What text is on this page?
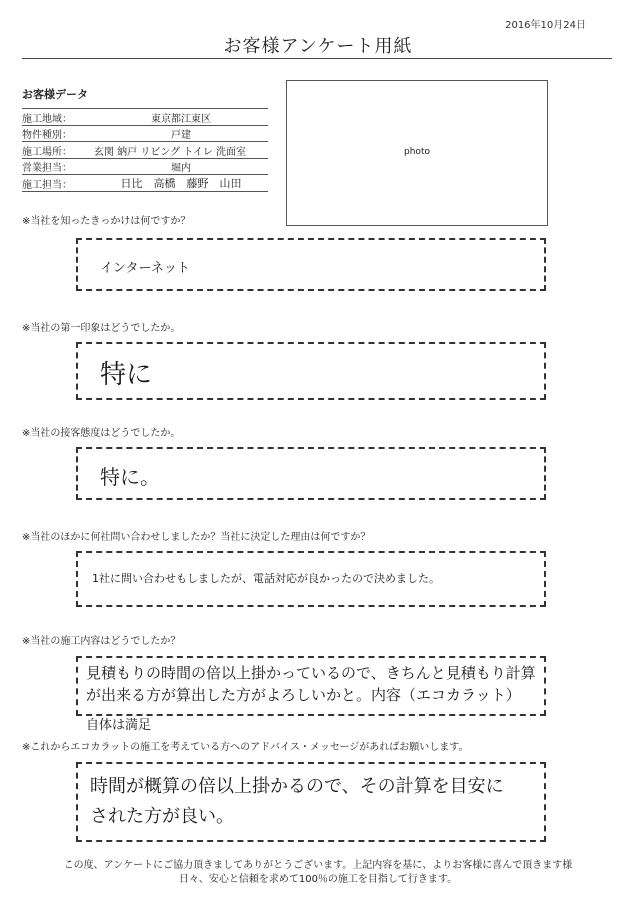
2016年10月24日
お客様アンケート用紙
お客様データ
施工地域：	東京都江東区
物件種別：	戸建
施工場所：	玄関 納戸 リビング トイレ 洗面室
営業担当：	堀内
施工担当：	日比　高橋　藤野　山田
photo
※当社を知ったきっかけは何ですか？
インターネット
※当社の第一印象はどうでしたか。
特に
※当社の接客態度はどうでしたか。
特に。
※当社のほかに何社問い合わせしましたか？当社に決定した理由は何ですか？
1社に問い合わせもしましたが、電話対応が良かったので決めました。
※当社の施工内容はどうでしたか？
見積もりの時間の倍以上掛かっているので、きちんと見積もり計算
が出来る方が算出した方がよろしいかと。内容（エコカラット）
自体は満足
※これからエコカラットの施工を考えている方へのアドバイス・メッセージがあればお願いします。
時間が概算の倍以上掛かるので、その計算を目安に
された方が良い。
この度、アンケートにご協力頂きましてありがとうございます。上記内容を基に、よりお客様に喜んで頂きます様
日々、安心と信頼を求めて100％の施工を目指して行きます。
